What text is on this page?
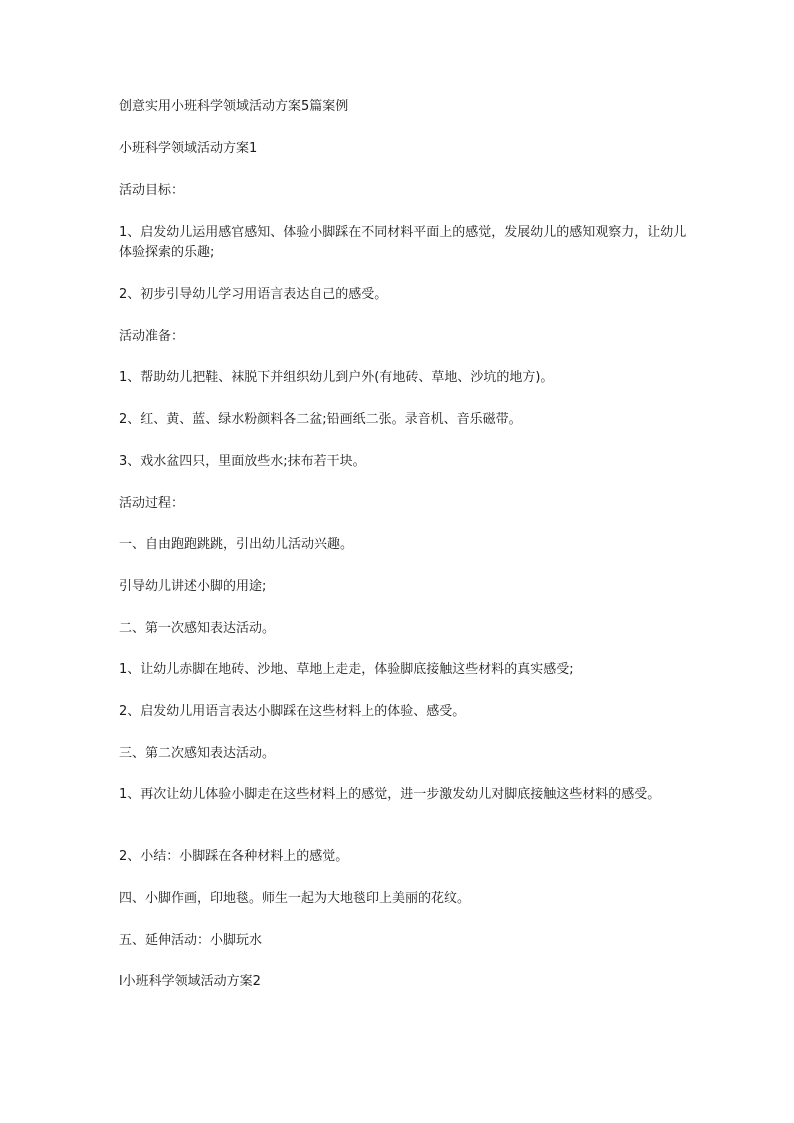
创意实用小班科学领域活动方案5篇案例
小班科学领域活动方案1
活动目标：
1、启发幼儿运用感官感知、体验小脚踩在不同材料平面上的感觉，发展幼儿的感知观察力，让幼儿体验探索的乐趣;
2、初步引导幼儿学习用语言表达自己的感受。
活动准备：
1、帮助幼儿把鞋、袜脱下并组织幼儿到户外(有地砖、草地、沙坑的地方)。
2、红、黄、蓝、绿水粉颜料各二盆;铅画纸二张。录音机、音乐磁带。
3、戏水盆四只，里面放些水;抹布若干块。
活动过程：
一、自由跑跑跳跳，引出幼儿活动兴趣。
引导幼儿讲述小脚的用途;
二、第一次感知表达活动。
1、让幼儿赤脚在地砖、沙地、草地上走走，体验脚底接触这些材料的真实感受;
2、启发幼儿用语言表达小脚踩在这些材料上的体验、感受。
三、第二次感知表达活动。
1、再次让幼儿体验小脚走在这些材料上的感觉，进一步激发幼儿对脚底接触这些材料的感受。
2、小结：小脚踩在各种材料上的感觉。
四、小脚作画，印地毯。师生一起为大地毯印上美丽的花纹。
五、延伸活动：小脚玩水
l小班科学领域活动方案2
